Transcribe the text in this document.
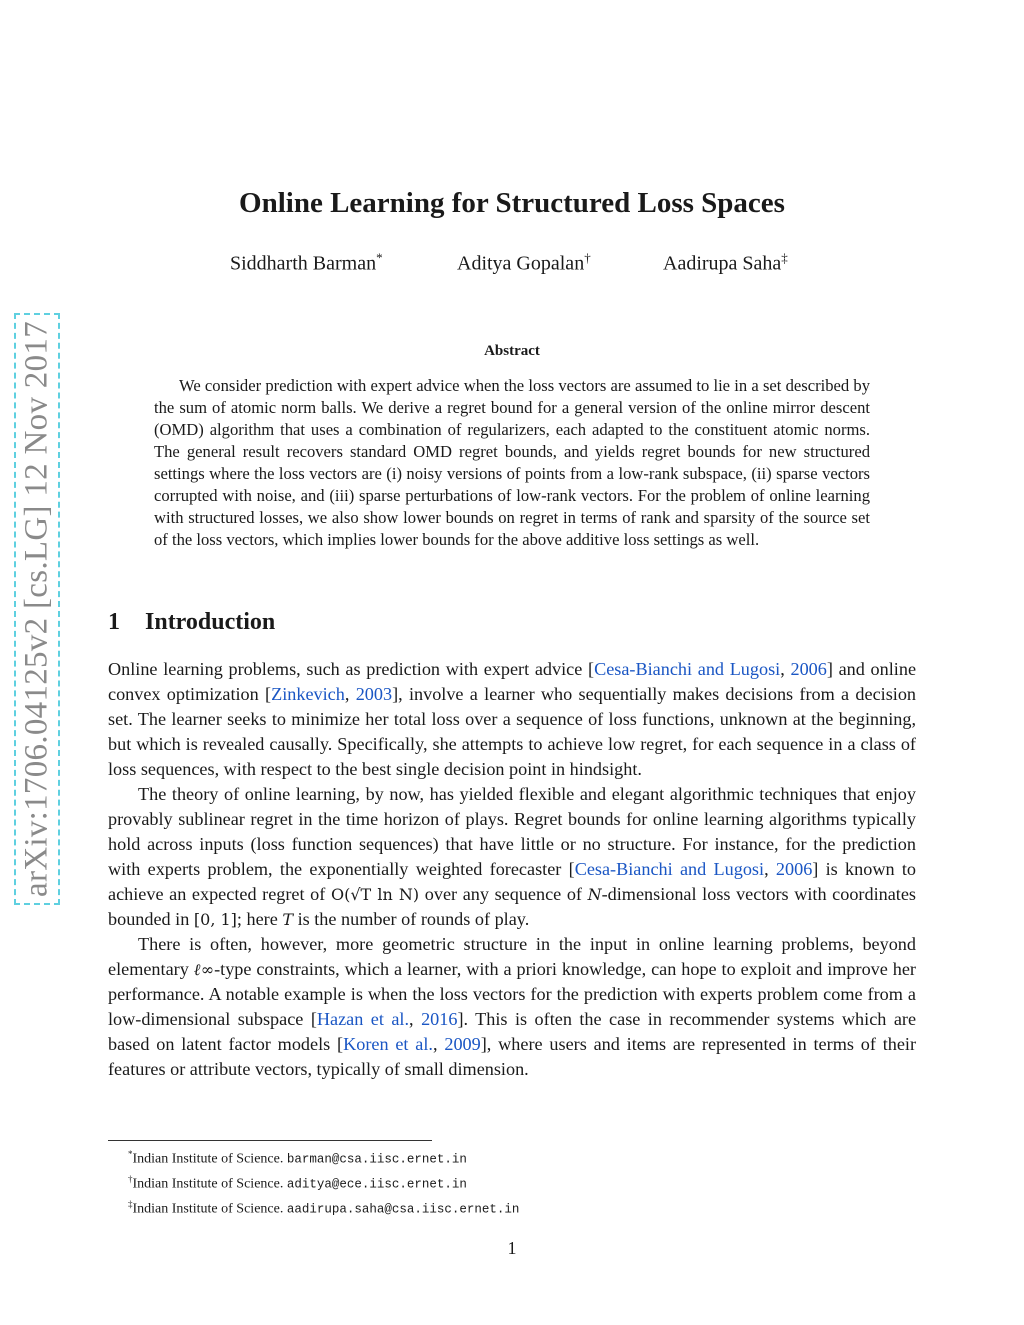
arXiv:1706.04125v2 [cs.LG] 12 Nov 2017
Online Learning for Structured Loss Spaces
Siddharth Barman*	Aditya Gopalan†	Aadirupa Saha‡
Abstract

We consider prediction with expert advice when the loss vectors are assumed to lie in a set described by the sum of atomic norm balls. We derive a regret bound for a general version of the online mirror descent (OMD) algorithm that uses a combination of regularizers, each adapted to the constituent atomic norms. The general result recovers standard OMD regret bounds, and yields regret bounds for new structured settings where the loss vectors are (i) noisy versions of points from a low-rank subspace, (ii) sparse vectors corrupted with noise, and (iii) sparse perturbations of low-rank vectors. For the problem of online learning with structured losses, we also show lower bounds on regret in terms of rank and sparsity of the source set of the loss vectors, which implies lower bounds for the above additive loss settings as well.

1 Introduction

Online learning problems, such as prediction with expert advice [Cesa-Bianchi and Lugosi, 2006] and online convex optimization [Zinkevich, 2003], involve a learner who sequentially makes decisions from a decision set. The learner seeks to minimize her total loss over a sequence of loss functions, unknown at the beginning, but which is revealed causally. Specifically, she attempts to achieve low regret, for each sequence in a class of loss sequences, with respect to the best single decision point in hindsight.

The theory of online learning, by now, has yielded flexible and elegant algorithmic techniques that enjoy provably sublinear regret in the time horizon of plays. Regret bounds for online learning algorithms typically hold across inputs (loss function sequences) that have little or no structure. For instance, for the prediction with experts problem, the exponentially weighted forecaster [Cesa-Bianchi and Lugosi, 2006] is known to achieve an expected regret of O(√T ln N) over any sequence of N-dimensional loss vectors with coordinates bounded in [0, 1]; here T is the number of rounds of play.

There is often, however, more geometric structure in the input in online learning problems, beyond elementary ℓ∞-type constraints, which a learner, with a priori knowledge, can hope to exploit and improve her performance. A notable example is when the loss vectors for the prediction with experts problem come from a low-dimensional subspace [Hazan et al., 2016]. This is often the case in recommender systems which are based on latent factor models [Koren et al., 2009], where users and items are represented in terms of their features or attribute vectors, typically of small dimension.

*Indian Institute of Science. barman@csa.iisc.ernet.in
†Indian Institute of Science. aditya@ece.iisc.ernet.in
‡Indian Institute of Science. aadirupa.saha@csa.iisc.ernet.in
1
